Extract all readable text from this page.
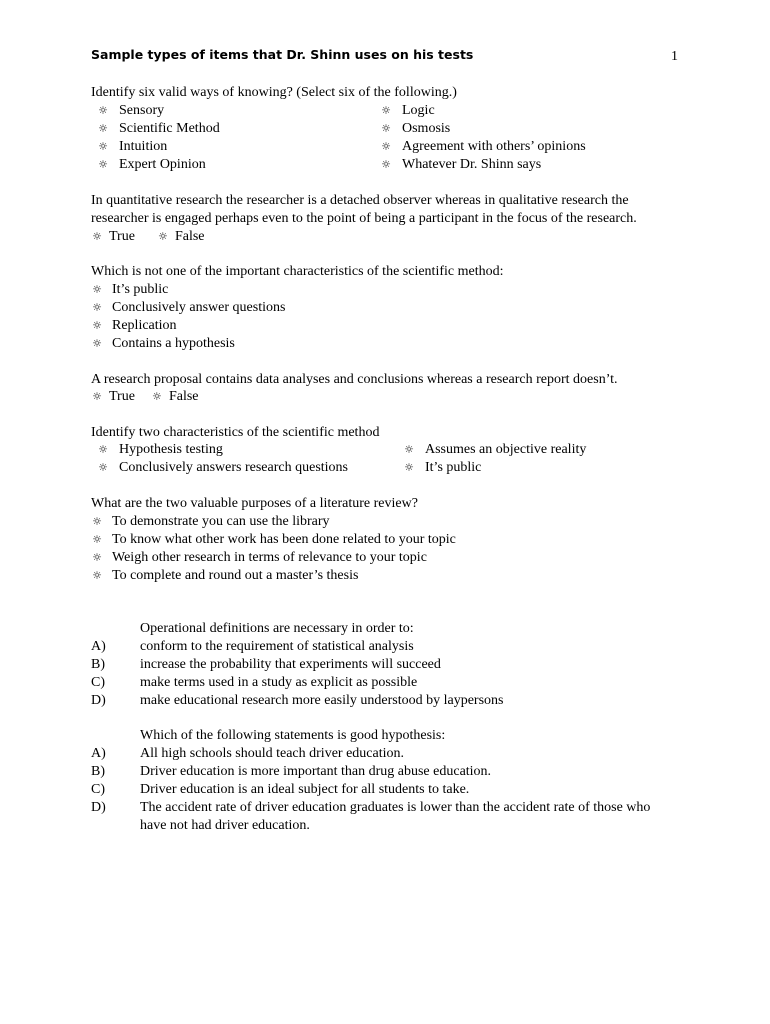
Sample types of items that Dr. Shinn uses on his tests	1
Identify six valid ways of knowing? (Select six of the following.)
☼ Sensory
☼ Scientific Method
☼ Intuition
☼ Expert Opinion
☼ Logic
☼ Osmosis
☼ Agreement with others’ opinions
☼ Whatever Dr. Shinn says
In quantitative research the researcher is a detached observer whereas in qualitative research the researcher is engaged perhaps even to the point of being a participant in the focus of the research.
☼ True ☼ False
Which is not one of the important characteristics of the scientific method:
☼ It’s public
☼ Conclusively answer questions
☼ Replication
☼ Contains a hypothesis
A research proposal contains data analyses and conclusions whereas a research report doesn’t.
☼ True ☼ False
Identify two characteristics of the scientific method
☼ Hypothesis testing
☼ Conclusively answers research questions
☼ Assumes an objective reality
☼ It’s public
What are the two valuable purposes of a literature review?
☼ To demonstrate you can use the library
☼ To know what other work has been done related to your topic
☼ Weigh other research in terms of relevance to your topic
☼ To complete and round out a master’s thesis
Operational definitions are necessary in order to:
A)	conform to the requirement of statistical analysis
B)	increase the probability that experiments will succeed
C)	make terms used in a study as explicit as possible
D)	make educational research more easily understood by laypersons
Which of the following statements is good hypothesis:
A)	All high schools should teach driver education.
B)	Driver education is more important than drug abuse education.
C)	Driver education is an ideal subject for all students to take.
D)	The accident rate of driver education graduates is lower than the accident rate of those who have not had driver education.
